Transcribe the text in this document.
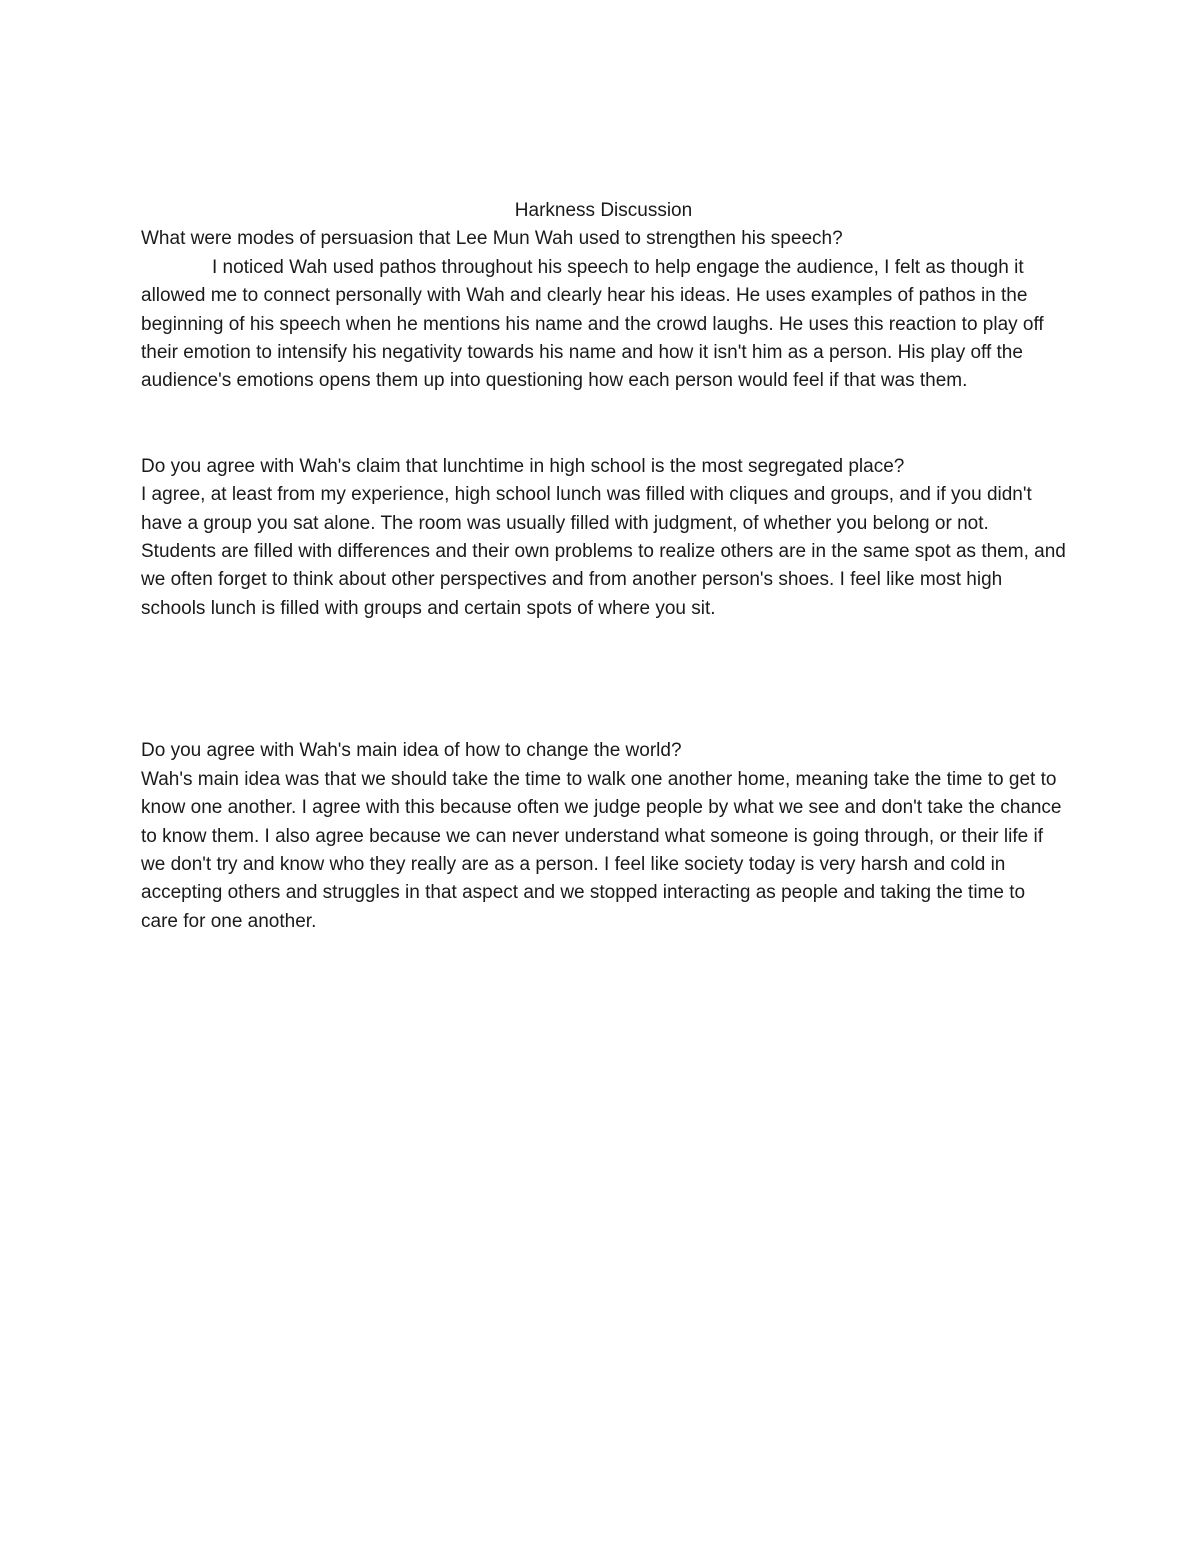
Harkness Discussion

What were modes of persuasion that Lee Mun Wah used to strengthen his speech?

I noticed Wah used pathos throughout his speech to help engage the audience, I felt as though it allowed me to connect personally with Wah and clearly hear his ideas. He uses examples of pathos in the beginning of his speech when he mentions his name and the crowd laughs. He uses this reaction to play off their emotion to intensify his negativity towards his name and how it isn't him as a person. His play off the audience's emotions opens them up into questioning how each person would feel if that was them.

Do you agree with Wah's claim that lunchtime in high school is the most segregated place?

I agree, at least from my experience, high school lunch was filled with cliques and groups, and if you didn't have a group you sat alone. The room was usually filled with judgment, of whether you belong or not. Students are filled with differences and their own problems to realize others are in the same spot as them, and we often forget to think about other perspectives and from another person's shoes. I feel like most high schools lunch is filled with groups and certain spots of where you sit.

Do you agree with Wah's main idea of how to change the world?

Wah's main idea was that we should take the time to walk one another home, meaning take the time to get to know one another. I agree with this because often we judge people by what we see and don't take the chance to know them. I also agree because we can never understand what someone is going through, or their life if we don't try and know who they really are as a person. I feel like society today is very harsh and cold in accepting others and struggles in that aspect and we stopped interacting as people and taking the time to care for one another.
